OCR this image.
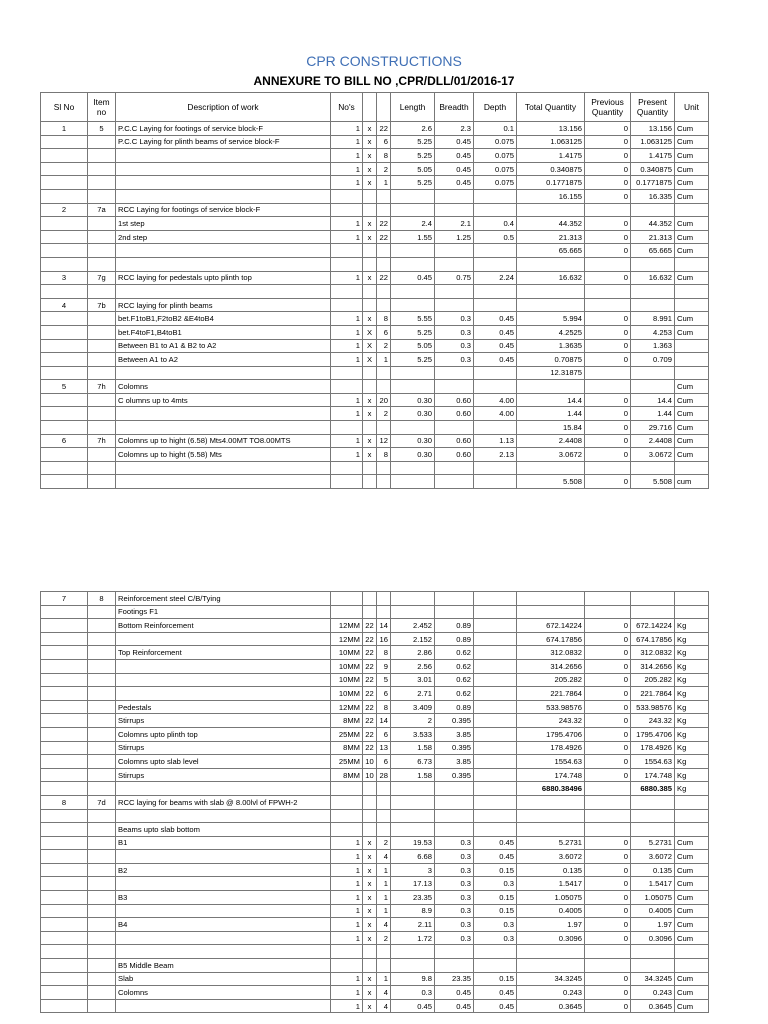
CPR CONSTRUCTIONS
ANNEXURE TO BILL NO ,CPR/DLL/01/2016-17
Sl No	Item no	Description of work	No's			Length	Breadth	Depth	Total Quantity	Previous Quantity	Present Quantity	Unit
1	5	P.C.C Laying for footings of service block-F	1	x	22	2.6	2.3	0.1	13.156	0	13.156	Cum
		P.C.C Laying for plinth beams of service block-F	1	x	6	5.25	0.45	0.075	1.063125	0	1.063125	Cum
			1	x	8	5.25	0.45	0.075	1.4175	0	1.4175	Cum
			1	x	2	5.05	0.45	0.075	0.340875	0	0.340875	Cum
			1	x	1	5.25	0.45	0.075	0.1771875	0	0.1771875	Cum
									16.155	0	16.335	Cum
2	7a	RCC Laying for footings of service block-F										
		1st step	1	x	22	2.4	2.1	0.4	44.352	0	44.352	Cum
		2nd step	1	x	22	1.55	1.25	0.5	21.313	0	21.313	Cum
									65.665	0	65.665	Cum

3	7g	RCC laying for pedestals upto plinth top	1	x	22	0.45	0.75	2.24	16.632	0	16.632	Cum

4	7b	RCC laying for plinth beams										
		bet.F1toB1,F2toB2 &E4toB4	1	x	8	5.55	0.3	0.45	5.994	0	8.991	Cum
		bet.F4toF1,B4toB1	1	X	6	5.25	0.3	0.45	4.2525	0	4.253	Cum
		Between B1 to A1 & B2 to A2	1	X	2	5.05	0.3	0.45	1.3635	0	1.363	
		Between A1 to A2	1	X	1	5.25	0.3	0.45	0.70875	0	0.709	
									12.31875			
5	7h	Colomns										Cum
		C olumns up to 4mts	1	x	20	0.30	0.60	4.00	14.4	0	14.4	Cum
			1	x	2	0.30	0.60	4.00	1.44	0	1.44	Cum
									15.84	0	29.716	Cum
6	7h	Colomns up to hight (6.58) Mts4.00MT TO8.00MTS	1	x	12	0.30	0.60	1.13	2.4408	0	2.4408	Cum
		Colomns up to hight (5.58) Mts	1	x	8	0.30	0.60	2.13	3.0672	0	3.0672	Cum

									5.508	0	5.508	cum
7	8	Reinforcement steel C/B/Tying										
		Footings F1										
		Bottom Reinforcement	12MM	22	14	2.452	0.89		672.14224	0	672.14224	Kg
			12MM	22	16	2.152	0.89		674.17856	0	674.17856	Kg
		Top Reinforcement	10MM	22	8	2.86	0.62		312.0832	0	312.0832	Kg
			10MM	22	9	2.56	0.62		314.2656	0	314.2656	Kg
			10MM	22	5	3.01	0.62		205.282	0	205.282	Kg
			10MM	22	6	2.71	0.62		221.7864	0	221.7864	Kg
		Pedestals	12MM	22	8	3.409	0.89		533.98576	0	533.98576	Kg
		Stirrups	8MM	22	14	2	0.395		243.32	0	243.32	Kg
		Colomns upto plinth top	25MM	22	6	3.533	3.85		1795.4706	0	1795.4706	Kg
		Stirrups	8MM	22	13	1.58	0.395		178.4926	0	178.4926	Kg
		Colomns upto slab level	25MM	10	6	6.73	3.85		1554.63	0	1554.63	Kg
		Stirrups	8MM	10	28	1.58	0.395		174.748	0	174.748	Kg
									6880.38496		6880.385	Kg
8	7d	RCC laying for beams with slab @ 8.00lvl of FPWH-2										

		Beams upto slab bottom										
		B1	1	x	2	19.53	0.3	0.45	5.2731	0	5.2731	Cum
			1	x	4	6.68	0.3	0.45	3.6072	0	3.6072	Cum
		B2	1	x	1	3	0.3	0.15	0.135	0	0.135	Cum
			1	x	1	17.13	0.3	0.3	1.5417	0	1.5417	Cum
		B3	1	x	1	23.35	0.3	0.15	1.05075	0	1.05075	Cum
			1	x	1	8.9	0.3	0.15	0.4005	0	0.4005	Cum
		B4	1	x	4	2.11	0.3	0.3	1.97	0	1.97	Cum
			1	x	2	1.72	0.3	0.3	0.3096	0	0.3096	Cum

		B5 Middle Beam										
		Slab	1	x	1	9.8	23.35	0.15	34.3245	0	34.3245	Cum
		Colomns	1	x	4	0.3	0.45	0.45	0.243	0	0.243	Cum
			1	x	4	0.45	0.45	0.45	0.3645	0	0.3645	Cum
